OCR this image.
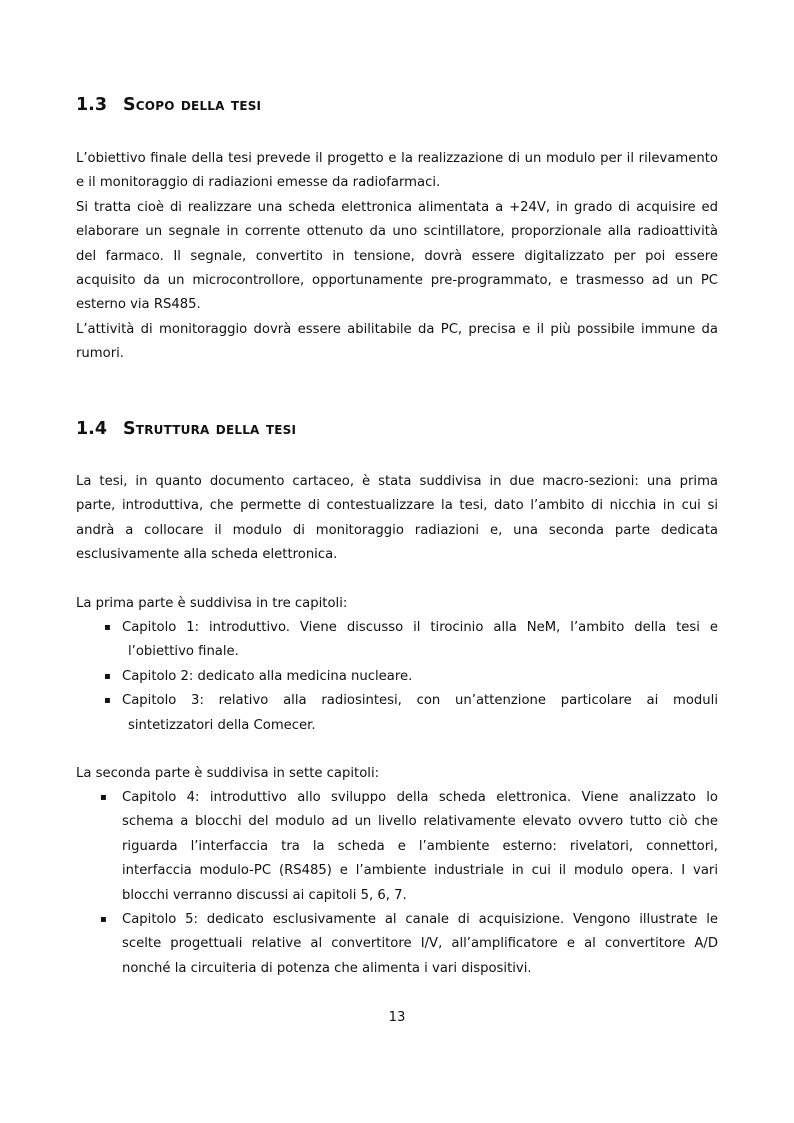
1.3 Scopo della tesi

L’obiettivo finale della tesi prevede il progetto e la realizzazione di un modulo per il rilevamento
e il monitoraggio di radiazioni emesse da radiofarmaci.
Si tratta cioè di realizzare una scheda elettronica alimentata a +24V, in grado di acquisire ed
elaborare un segnale in corrente ottenuto da uno scintillatore, proporzionale alla radioattività
del farmaco. Il segnale, convertito in tensione, dovrà essere digitalizzato per poi essere
acquisito da un microcontrollore, opportunamente pre-programmato, e trasmesso ad un PC
esterno via RS485.
L’attività di monitoraggio dovrà essere abilitabile da PC, precisa e il più possibile immune da
rumori.

1.4 Struttura della tesi

La tesi, in quanto documento cartaceo, è stata suddivisa in due macro-sezioni: una prima
parte, introduttiva, che permette di contestualizzare la tesi, dato l’ambito di nicchia in cui si
andrà a collocare il modulo di monitoraggio radiazioni e, una seconda parte dedicata
esclusivamente alla scheda elettronica.

La prima parte è suddivisa in tre capitoli:

▪ Capitolo 1: introduttivo. Viene discusso il tirocinio alla NeM, l’ambito della tesi e
l’obiettivo finale.
▪ Capitolo 2: dedicato alla medicina nucleare.
▪ Capitolo 3: relativo alla radiosintesi, con un’attenzione particolare ai moduli
sintetizzatori della Comecer.

La seconda parte è suddivisa in sette capitoli:

▪ Capitolo 4: introduttivo allo sviluppo della scheda elettronica. Viene analizzato lo
schema a blocchi del modulo ad un livello relativamente elevato ovvero tutto ciò che
riguarda l’interfaccia tra la scheda e l’ambiente esterno: rivelatori, connettori,
interfaccia modulo-PC (RS485) e l’ambiente industriale in cui il modulo opera. I vari
blocchi verranno discussi ai capitoli 5, 6, 7.
▪ Capitolo 5: dedicato esclusivamente al canale di acquisizione. Vengono illustrate le
scelte progettuali relative al convertitore I/V, all’amplificatore e al convertitore A/D
nonché la circuiteria di potenza che alimenta i vari dispositivi.
13
